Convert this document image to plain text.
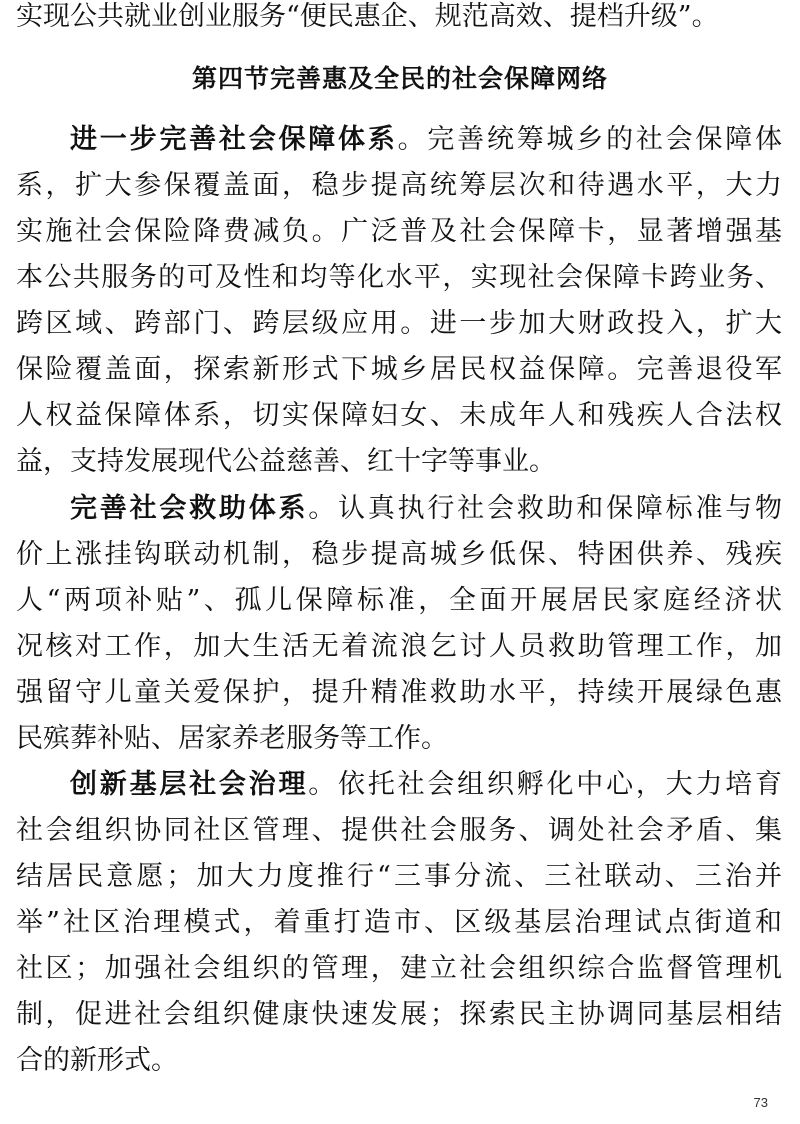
实现公共就业创业服务“便民惠企、规范高效、提档升级”。
第四节完善惠及全民的社会保障网络
进一步完善社会保障体系。完善统筹城乡的社会保障体
系，扩大参保覆盖面，稳步提高统筹层次和待遇水平，大力
实施社会保险降费减负。广泛普及社会保障卡，显著增强基
本公共服务的可及性和均等化水平，实现社会保障卡跨业务、
跨区域、跨部门、跨层级应用。进一步加大财政投入，扩大
保险覆盖面，探索新形式下城乡居民权益保障。完善退役军
人权益保障体系，切实保障妇女、未成年人和残疾人合法权
益，支持发展现代公益慈善、红十字等事业。
完善社会救助体系。认真执行社会救助和保障标准与物
价上涨挂钩联动机制，稳步提高城乡低保、特困供养、残疾
人“两项补贴”、孤儿保障标准，全面开展居民家庭经济状
况核对工作，加大生活无着流浪乞讨人员救助管理工作，加
强留守儿童关爱保护，提升精准救助水平，持续开展绿色惠
民殡葬补贴、居家养老服务等工作。
创新基层社会治理。依托社会组织孵化中心，大力培育
社会组织协同社区管理、提供社会服务、调处社会矛盾、集
结居民意愿；加大力度推行“三事分流、三社联动、三治并
举”社区治理模式，着重打造市、区级基层治理试点街道和
社区；加强社会组织的管理，建立社会组织综合监督管理机
制，促进社会组织健康快速发展；探索民主协调同基层相结
合的新形式。
73
